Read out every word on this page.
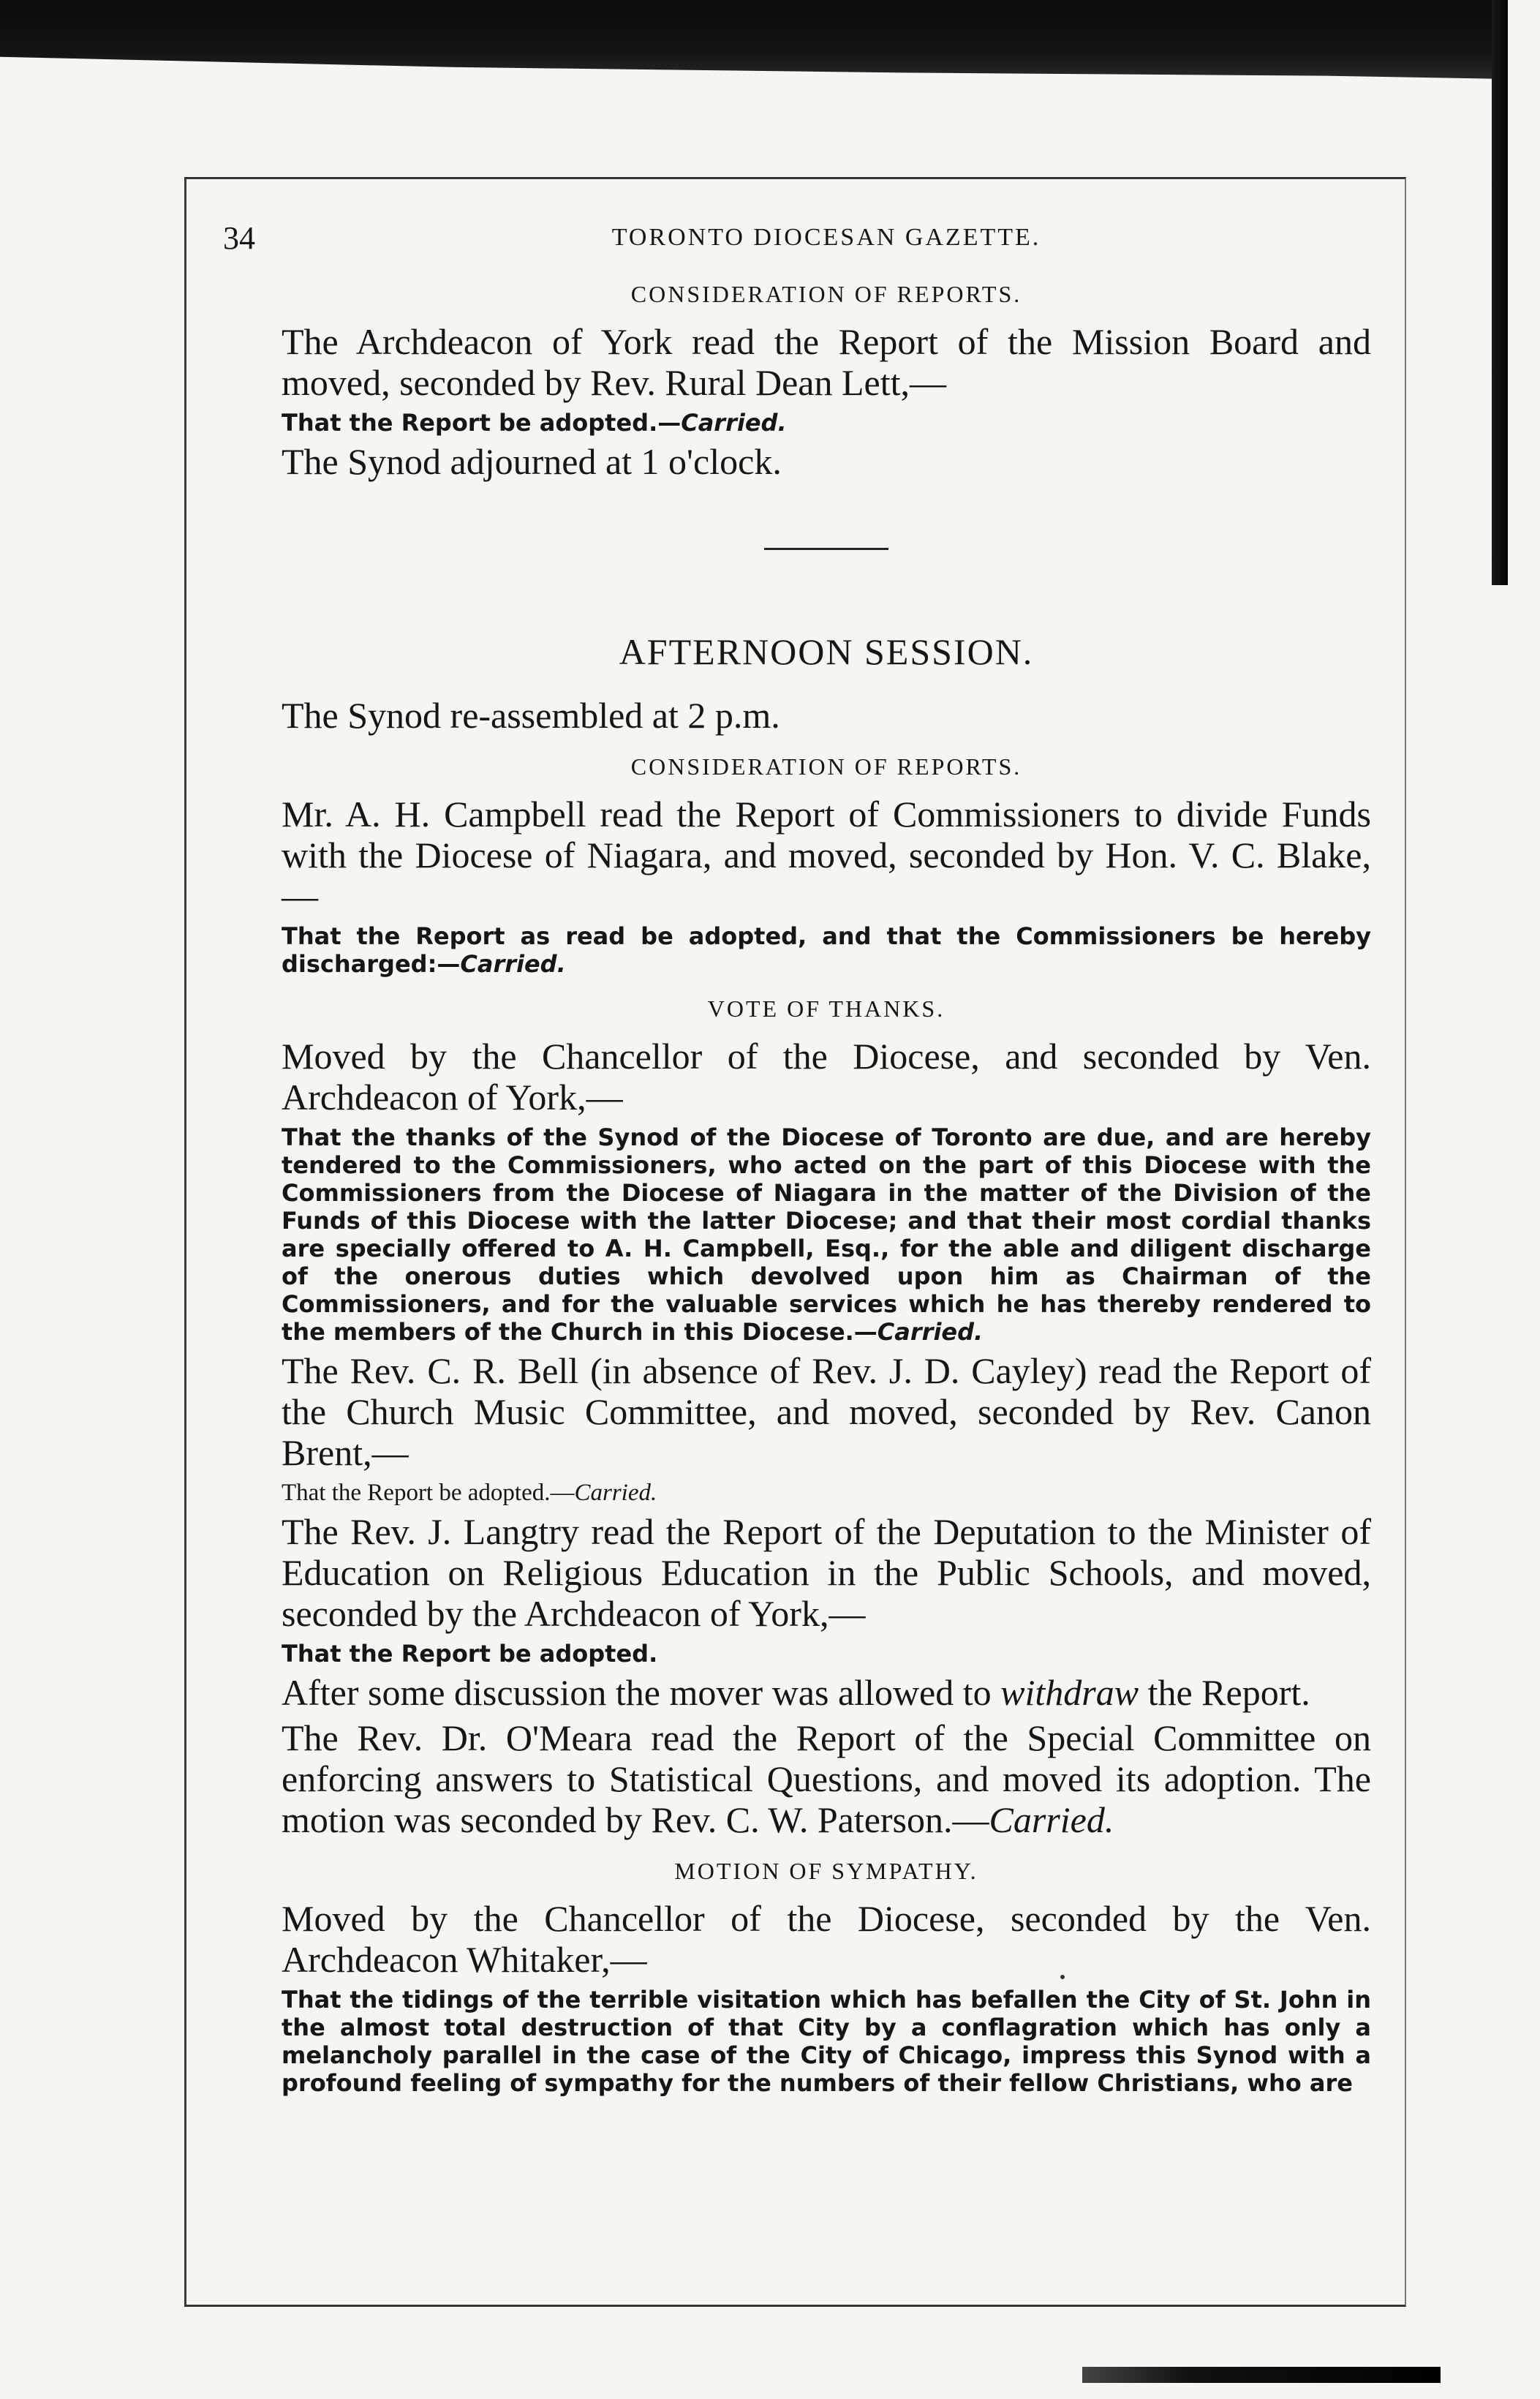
34	TORONTO DIOCESAN GAZETTE.
CONSIDERATION OF REPORTS.

The Archdeacon of York read the Report of the Mission Board and moved, seconded by Rev. Rural Dean Lett,—

That the Report be adopted.—Carried.

The Synod adjourned at 1 o'clock.

AFTERNOON SESSION.

The Synod re-assembled at 2 p.m.

CONSIDERATION OF REPORTS.

Mr. A. H. Campbell read the Report of Commissioners to divide Funds with the Diocese of Niagara, and moved, seconded by Hon. V. C. Blake,—

That the Report as read be adopted, and that the Commissioners be hereby discharged:—Carried.

VOTE OF THANKS.

Moved by the Chancellor of the Diocese, and seconded by Ven. Archdeacon of York,—

That the thanks of the Synod of the Diocese of Toronto are due, and are hereby tendered to the Commissioners, who acted on the part of this Diocese with the Commissioners from the Diocese of Niagara in the matter of the Division of the Funds of this Diocese with the latter Diocese; and that their most cordial thanks are specially offered to A. H. Campbell, Esq., for the able and diligent discharge of the onerous duties which devolved upon him as Chairman of the Commissioners, and for the valuable services which he has thereby rendered to the members of the Church in this Diocese.—Carried.

The Rev. C. R. Bell (in absence of Rev. J. D. Cayley) read the Report of the Church Music Committee, and moved, seconded by Rev. Canon Brent,—

That the Report be adopted.—Carried.

The Rev. J. Langtry read the Report of the Deputation to the Minister of Education on Religious Education in the Public Schools, and moved, seconded by the Archdeacon of York,—

That the Report be adopted.

After some discussion the mover was allowed to withdraw the Report.

The Rev. Dr. O'Meara read the Report of the Special Committee on enforcing answers to Statistical Questions, and moved its adoption. The motion was seconded by Rev. C. W. Paterson.—Carried.

MOTION OF SYMPATHY.

Moved by the Chancellor of the Diocese, seconded by the Ven. Archdeacon Whitaker,—

That the tidings of the terrible visitation which has befallen the City of St. John in the almost total destruction of that City by a conflagration which has only a melancholy parallel in the case of the City of Chicago, impress this Synod with a profound feeling of sympathy for the numbers of their fellow Christians, who are
